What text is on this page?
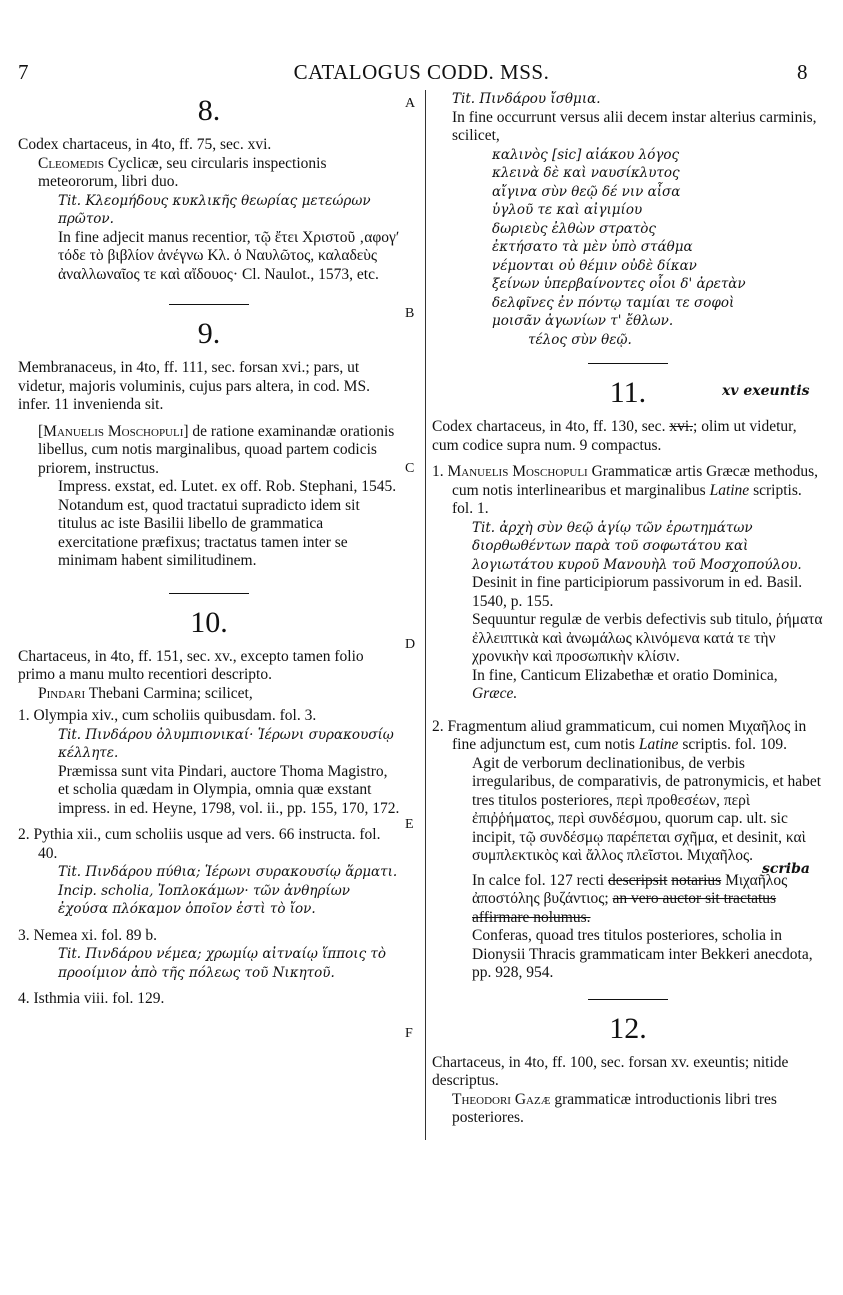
7	CATALOGUS CODD. MSS.	8
A
B
C
D
E
F
8.
Codex chartaceus, in 4to, ff. 75, sec. xvi.
Cleomedis Cyclicæ, seu circularis inspectionis meteororum, libri duo.
Tit. Κλεομήδους κυκλικῆς θεωρίας μετεώρων πρῶτον.
In fine adjecit manus recentior, τῷ ἔτει Χριστοῦ ‚αφογʹ τόδε τὸ βιβλίον ἀνέγνω Κλ. ὁ Ναυλῶτος, καλαδεὺς ἀναλλωναῖος τε καὶ αἴδουος· Cl. Naulot., 1573, etc.
9.
Membranaceus, in 4to, ff. 111, sec. forsan xvi.; pars, ut videtur, majoris voluminis, cujus pars altera, in cod. MS. infer. 11 invenienda sit.
[Manuelis Moschopuli] de ratione examinandæ orationis libellus, cum notis marginalibus, quoad partem codicis priorem, instructus.
Impress. exstat, ed. Lutet. ex off. Rob. Stephani, 1545.
Notandum est, quod tractatui supradicto idem sit titulus ac iste Basilii libello de grammatica exercitatione præfixus; tractatus tamen inter se minimam habent similitudinem.
10.
Chartaceus, in 4to, ff. 151, sec. xv., excepto tamen folio primo a manu multo recentiori descripto.
Pindari Thebani Carmina; scilicet,
1. Olympia xiv., cum scholiis quibusdam. fol. 3.
Tit. Πινδάρου ὀλυμπιονικαί· Ἱέρωνι συρακουσίῳ κέλλητε.
Præmissa sunt vita Pindari, auctore Thoma Magistro, et scholia quædam in Olympia, omnia quæ exstant impress. in ed. Heyne, 1798, vol. ii., pp. 155, 170, 172.
2. Pythia xii., cum scholiis usque ad vers. 66 instructa. fol. 40.
Tit. Πινδάρου πύθια; Ἱέρωνι συρακουσίῳ ἅρματι.
Incip. scholia, Ἰοπλοκάμων· τῶν ἀνθηρίων ἐχούσα πλόκαμον ὁποῖον ἐστὶ τὸ ἴον.
3. Nemea xi. fol. 89 b.
Tit. Πινδάρου νέμεα; χρωμίῳ αἰτναίῳ ἵπποις τὸ προοίμιον ἀπὸ τῆς πόλεως τοῦ Νικητοῦ.
4. Isthmia viii. fol. 129.
Tit. Πινδάρου ἴσθμια.
In fine occurrunt versus alii decem instar alterius carminis, scilicet,
καλινὸς [sic] αἰάκου λόγος
κλεινὰ δὲ καὶ ναυσίκλυτος
αἴγινα σὺν θεῷ δέ νιν αἶσα
ὑγλοῦ τε καὶ αἰγιμίου
δωριεὺς ἐλθὼν στρατὸς
ἐκτήσατο τὰ μὲν ὑπὸ στάθμα
νέμονται οὐ θέμιν οὐδὲ δίκαν
ξείνων ὑπερβαίνοντες οἷοι δ' ἀρετὰν
δελφῖνες ἐν πόντῳ ταμίαι τε σοφοὶ
μοισᾶν ἀγωνίων τ' ἔθλων.
τέλος σὺν θεῷ.
11.	xv exeuntis
Codex chartaceus, in 4to, ff. 130, sec. xvi.; olim ut videtur, cum codice supra num. 9 compactus.
1. Manuelis Moschopuli Grammaticæ artis Græcæ methodus, cum notis interlinearibus et marginalibus Latine scriptis. fol. 1.
Tit. ἀρχὴ σὺν θεῷ ἁγίῳ τῶν ἐρωτημάτων διορθωθέντων παρὰ τοῦ σοφωτάτου καὶ λογιωτάτου κυροῦ Μανουὴλ τοῦ Μοσχοπούλου.
Desinit in fine participiorum passivorum in ed. Basil. 1540, p. 155.
Sequuntur regulæ de verbis defectivis sub titulo, ῥήματα ἐλλειπτικὰ καὶ ἀνωμάλως κλινόμενα κατά τε τὴν χρονικὴν καὶ προσωπικὴν κλίσιν.
In fine, Canticum Elizabethæ et oratio Dominica, Græce.
2. Fragmentum aliud grammaticum, cui nomen Μιχαῆλος in fine adjunctum est, cum notis Latine scriptis. fol. 109.
Agit de verborum declinationibus, de verbis irregularibus, de comparativis, de patronymicis, et habet tres titulos posteriores, περὶ προθεσέων, περὶ ἐπιῤῥήματος, περὶ συνδέσμου, quorum cap. ult. sic incipit, τῷ συνδέσμῳ παρέπεται σχῆμα, et desinit, καὶ συμπλεκτικὸς καὶ ἄλλος πλεῖστοι. Μιχαῆλος.
scriba
In calce fol. 127 recti descripsit notarius Μιχαῆλος ἀποστόλης βυζάντιος; an vero auctor sit tractatus affirmare nolumus.
Conferas, quoad tres titulos posteriores, scholia in Dionysii Thracis grammaticam inter Bekkeri anecdota, pp. 928, 954.
12.
Chartaceus, in 4to, ff. 100, sec. forsan xv. exeuntis; nitide descriptus.
Theodori Gazæ grammaticæ introductionis libri tres posteriores.
